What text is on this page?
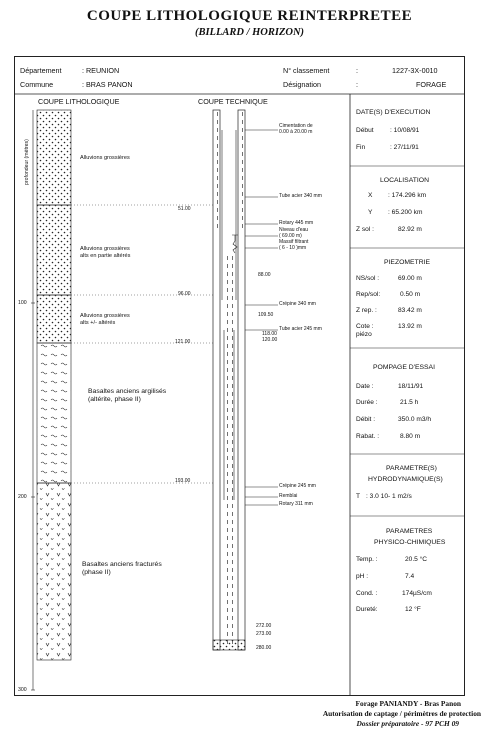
COUPE LITHOLOGIQUE REINTERPRETEE
(BILLARD / HORIZON)
Département	: REUNION
Commune	: BRAS PANON
N° classement	:	1227-3X-0010
Désignation	:	FORAGE
COUPE LITHOLOGIQUE	COUPE TECHNIQUE
profondeur (mètres)
100
200
300
Alluvions grossières
Alluvions grossières
alts en partie altérés
Alluvions grossières
alts +/- altérés
Basaltes anciens argilisés
(altérite, phase II)
Basaltes anciens fracturés
(phase II)
51.00
96.00
121.00
193.00
Cimentation de
0.00 à 20.00 m
Tube acier 340 mm
Rotary 445 mm
Niveau d'eau
( 69.00 m)
Massif filtrant
( 6 - 10 )mm
88.00
Crépine 340 mm
109.50
Tube acier 245 mm
118.00
120.00
Crépine 245 mm
Remblai
Rotary 311 mm
272.00
273.00
280.00
DATE(S) D'EXECUTION
Début : 10/08/91
Fin	: 27/11/91
LOCALISATION
X : 174.296 km
Y : 65.200 km
Z sol :	82.92 m
PIEZOMETRIE
NS/sol :	69.00 m
Rep/sol:	0.50 m
Z rep. :	83.42 m
Cote :
piézo
13.92 m
POMPAGE D'ESSAI
Date :	18/11/91
Durée :	21.5 h
Débit :	350.0 m3/h
Rabat. :	8.80 m
PARAMETRE(S)
HYDRODYNAMIQUE(S)
T : 3.0 10- 1 m2/s
PARAMETRES
PHYSICO-CHIMIQUES
Temp. :	20.5 °C
pH :	7.4
Cond. :	174µS/cm
Dureté:	12 °F
Forage PANIANDY - Bras Panon
Autorisation de captage / périmètres de protection
Dossier préparatoire - 97 PCH 09
